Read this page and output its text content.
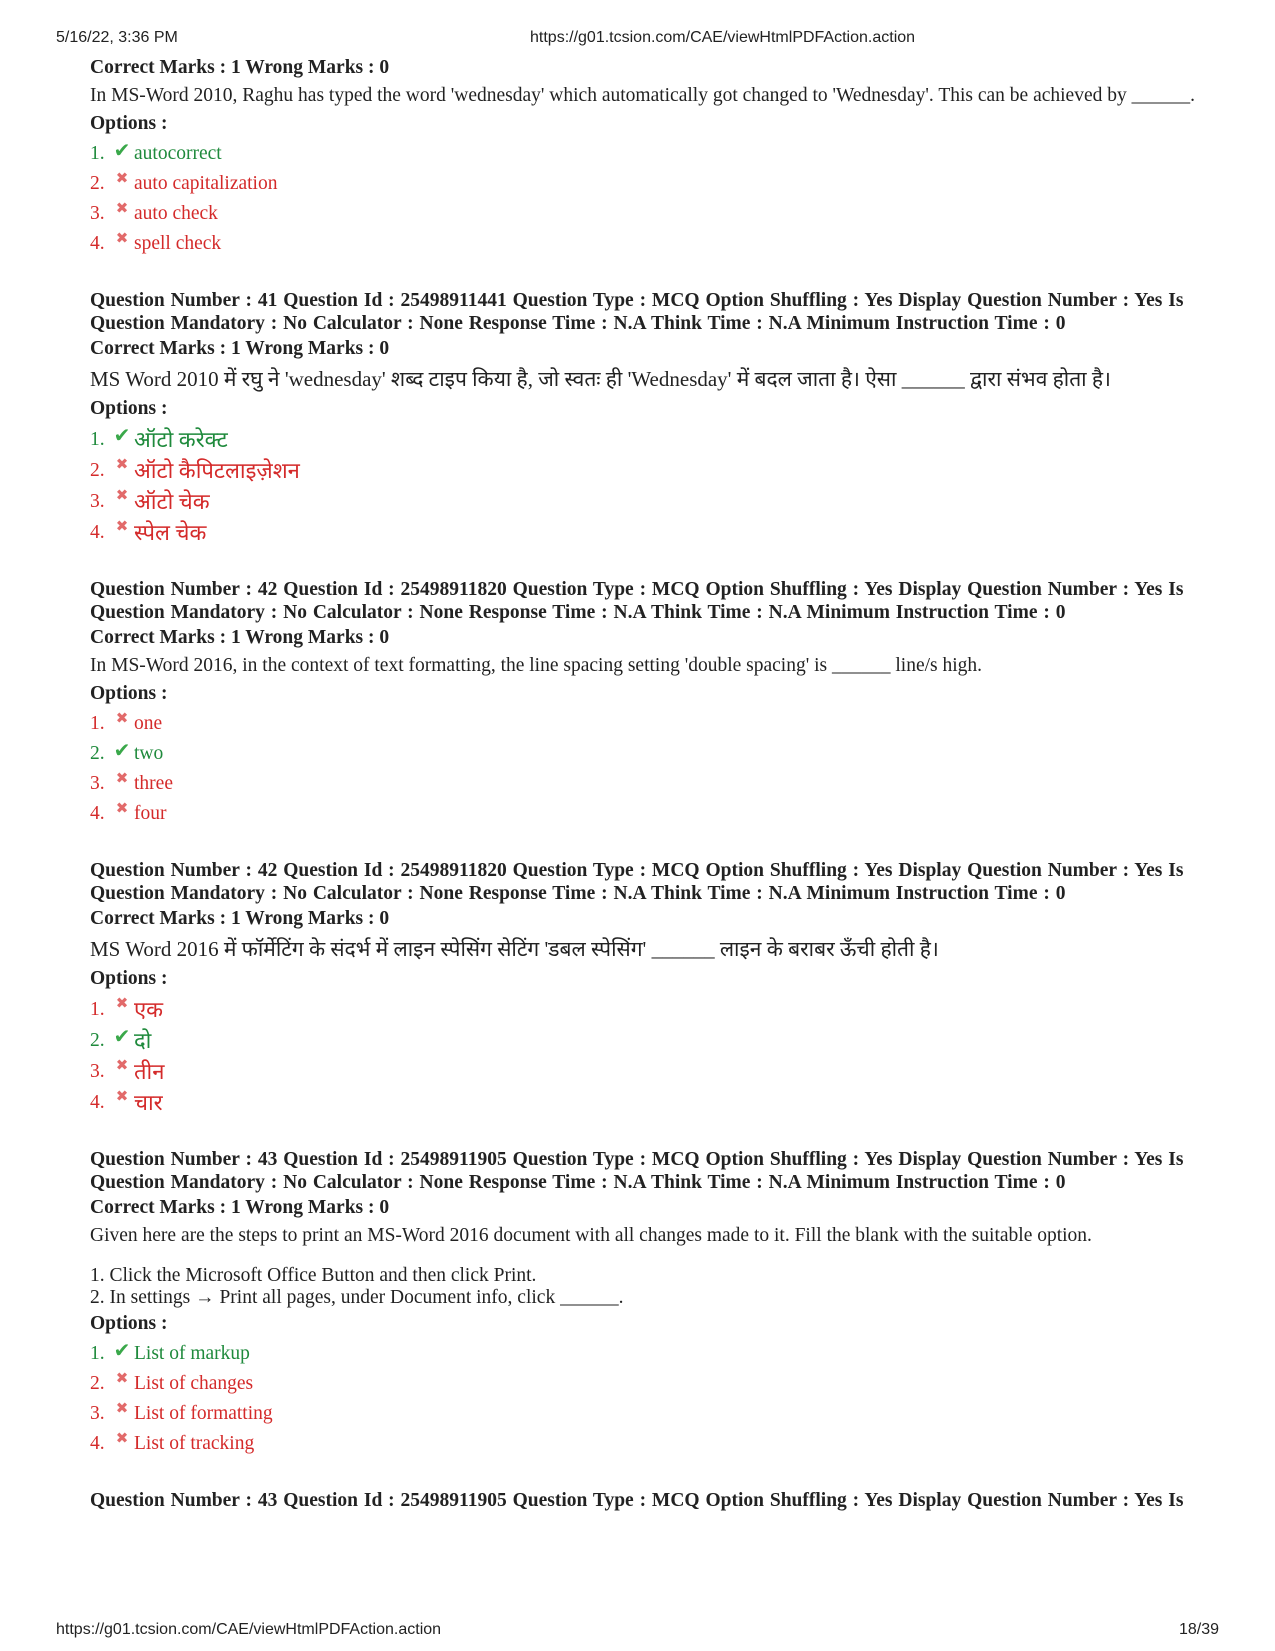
5/16/22, 3:36 PM	https://g01.tcsion.com/CAE/viewHtmlPDFAction.action

Correct Marks : 1 Wrong Marks : 0

In MS-Word 2010, Raghu has typed the word 'wednesday' which automatically got changed to 'Wednesday'. This can be achieved by ______.

Options :

1. ✔ autocorrect
2. ✖ auto capitalization
3. ✖ auto check
4. ✖ spell check

Question Number : 41 Question Id : 25498911441 Question Type : MCQ Option Shuffling : Yes Display Question Number : Yes Is

Question Mandatory : No Calculator : None Response Time : N.A Think Time : N.A Minimum Instruction Time : 0

Correct Marks : 1 Wrong Marks : 0

MS Word 2010 में रघु ने 'wednesday' शब्द टाइप किया है, जो स्वतः ही 'Wednesday' में बदल जाता है। ऐसा ______ द्वारा संभव होता है।

Options :

1. ✔ ऑटो करेक्ट
2. ✖ ऑटो कैपिटलाइज़ेशन
3. ✖ ऑटो चेक
4. ✖ स्पेल चेक

Question Number : 42 Question Id : 25498911820 Question Type : MCQ Option Shuffling : Yes Display Question Number : Yes Is

Question Mandatory : No Calculator : None Response Time : N.A Think Time : N.A Minimum Instruction Time : 0

Correct Marks : 1 Wrong Marks : 0

In MS-Word 2016, in the context of text formatting, the line spacing setting 'double spacing' is ______ line/s high.

Options :

1. ✖ one
2. ✔ two
3. ✖ three
4. ✖ four

Question Number : 42 Question Id : 25498911820 Question Type : MCQ Option Shuffling : Yes Display Question Number : Yes Is

Question Mandatory : No Calculator : None Response Time : N.A Think Time : N.A Minimum Instruction Time : 0

Correct Marks : 1 Wrong Marks : 0

MS Word 2016 में फॉर्मेटिंग के संदर्भ में लाइन स्पेसिंग सेटिंग 'डबल स्पेसिंग' ______ लाइन के बराबर ऊँची होती है।

Options :

1. ✖ एक
2. ✔ दो
3. ✖ तीन
4. ✖ चार

Question Number : 43 Question Id : 25498911905 Question Type : MCQ Option Shuffling : Yes Display Question Number : Yes Is

Question Mandatory : No Calculator : None Response Time : N.A Think Time : N.A Minimum Instruction Time : 0

Correct Marks : 1 Wrong Marks : 0

Given here are the steps to print an MS-Word 2016 document with all changes made to it. Fill the blank with the suitable option.

1. Click the Microsoft Office Button and then click Print.
2. In settings → Print all pages, under Document info, click ______.

Options :

1. ✔ List of markup
2. ✖ List of changes
3. ✖ List of formatting
4. ✖ List of tracking

Question Number : 43 Question Id : 25498911905 Question Type : MCQ Option Shuffling : Yes Display Question Number : Yes Is

https://g01.tcsion.com/CAE/viewHtmlPDFAction.action	18/39
